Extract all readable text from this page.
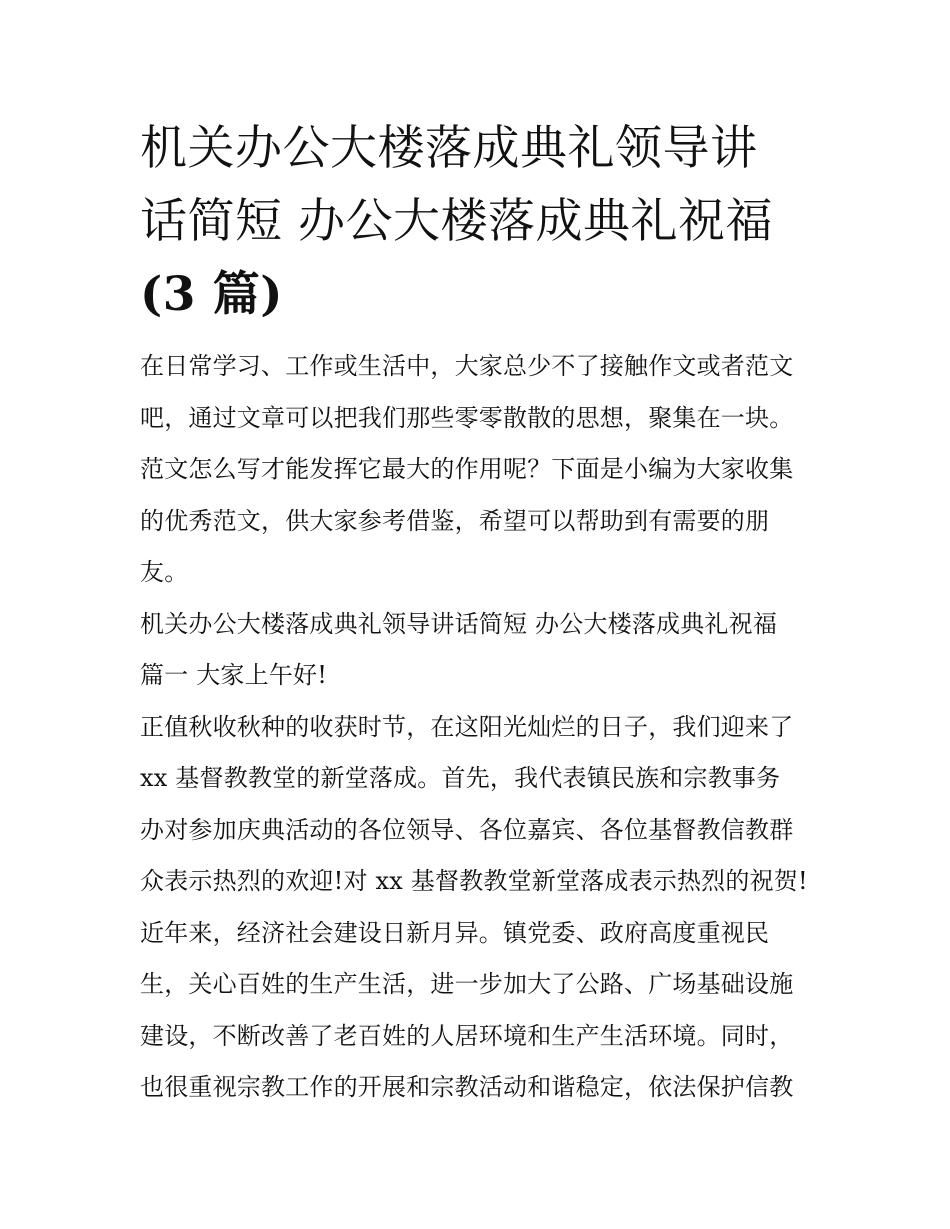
机关办公大楼落成典礼领导讲
话简短 办公大楼落成典礼祝福
(3 篇)
在日常学习、工作或生活中，大家总少不了接触作文或者范文
吧，通过文章可以把我们那些零零散散的思想，聚集在一块。
范文怎么写才能发挥它最大的作用呢？下面是小编为大家收集
的优秀范文，供大家参考借鉴，希望可以帮助到有需要的朋
友。
机关办公大楼落成典礼领导讲话简短 办公大楼落成典礼祝福
篇一 大家上午好!
正值秋收秋种的收获时节，在这阳光灿烂的日子，我们迎来了
xx 基督教教堂的新堂落成。首先，我代表镇民族和宗教事务
办对参加庆典活动的各位领导、各位嘉宾、各位基督教信教群
众表示热烈的欢迎!对 xx 基督教教堂新堂落成表示热烈的祝贺!
近年来，经济社会建设日新月异。镇党委、政府高度重视民
生，关心百姓的生产生活，进一步加大了公路、广场基础设施
建设，不断改善了老百姓的人居环境和生产生活环境。同时，
也很重视宗教工作的开展和宗教活动和谐稳定，依法保护信教
